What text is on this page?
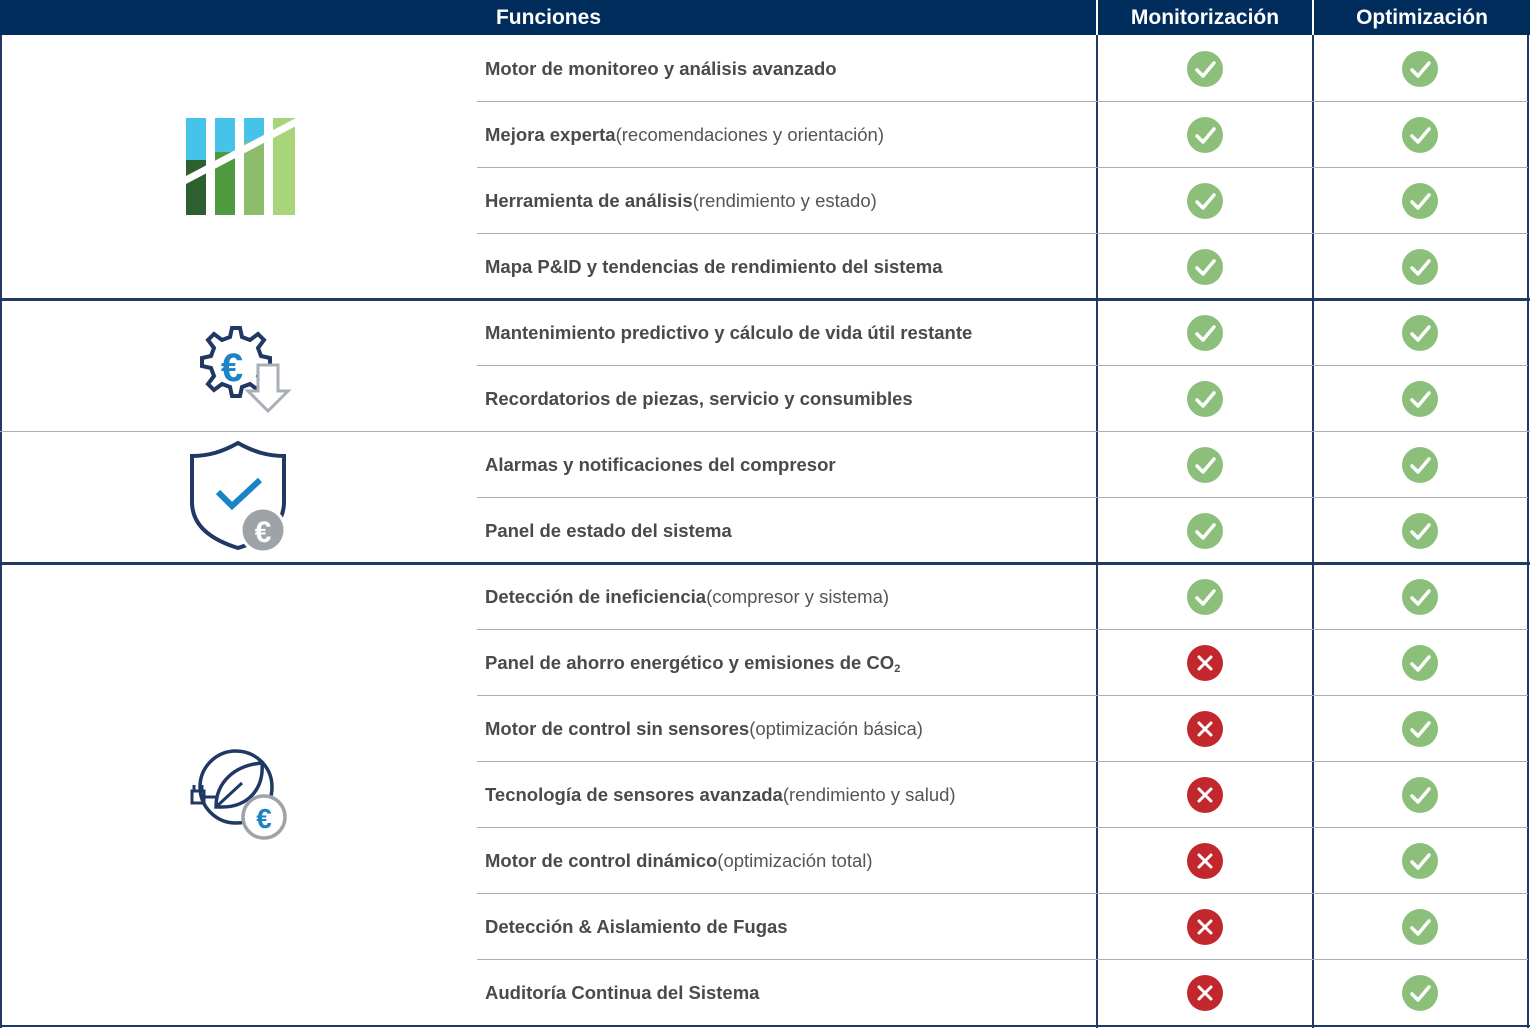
Funciones	Monitorización	Optimización
€
€
€
Motor de monitoreo y análisis avanzado
Mejora experta (recomendaciones y orientación)
Herramienta de análisis (rendimiento y estado)
Mapa P&ID y tendencias de rendimiento del sistema
Mantenimiento predictivo y cálculo de vida útil restante
Recordatorios de piezas, servicio y consumibles
Alarmas y notificaciones del compresor
Panel de estado del sistema
Detección de ineficiencia (compresor y sistema)
Panel de ahorro energético y emisiones de $CO_2$
Motor de control sin sensores (optimización básica)
Tecnología de sensores avanzada (rendimiento y salud)
Motor de control dinámico (optimización total)
Detección & Aislamiento de Fugas
Auditoría Continua del Sistema
